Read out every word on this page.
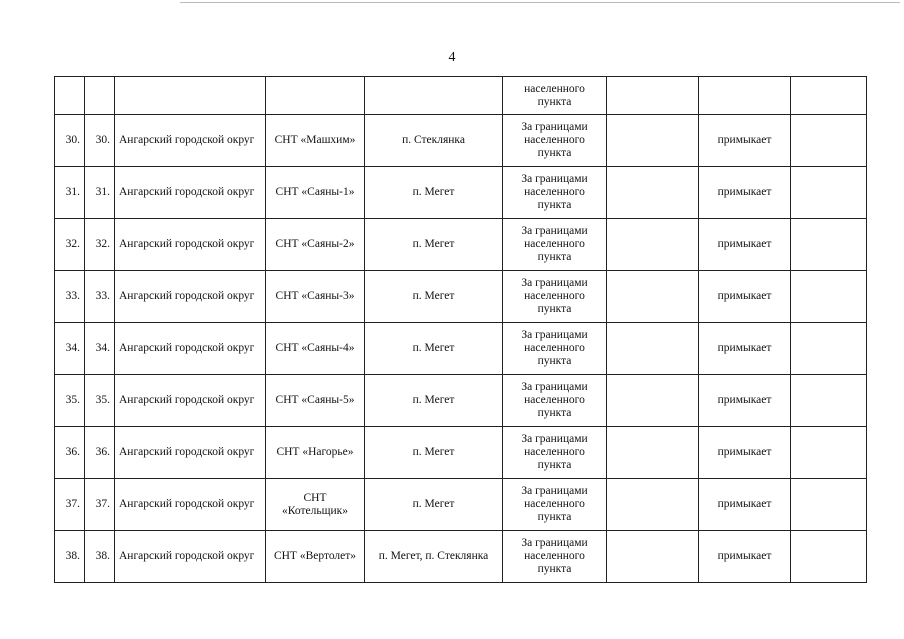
4
					населенного пункта			
30.	30.	Ангарский городской округ	СНТ «Машхим»	п. Стеклянка	За границами населенного пункта		примыкает	
31.	31.	Ангарский городской округ	СНТ «Саяны-1»	п. Мегет	За границами населенного пункта		примыкает	
32.	32.	Ангарский городской округ	СНТ «Саяны-2»	п. Мегет	За границами населенного пункта		примыкает	
33.	33.	Ангарский городской округ	СНТ «Саяны-3»	п. Мегет	За границами населенного пункта		примыкает	
34.	34.	Ангарский городской округ	СНТ «Саяны-4»	п. Мегет	За границами населенного пункта		примыкает	
35.	35.	Ангарский городской округ	СНТ «Саяны-5»	п. Мегет	За границами населенного пункта		примыкает	
36.	36.	Ангарский городской округ	СНТ «Нагорье»	п. Мегет	За границами населенного пункта		примыкает	
37.	37.	Ангарский городской округ	СНТ «Котельщик»	п. Мегет	За границами населенного пункта		примыкает	
38.	38.	Ангарский городской округ	СНТ «Вертолет»	п. Мегет, п. Стеклянка	За границами населенного пункта		примыкает	
